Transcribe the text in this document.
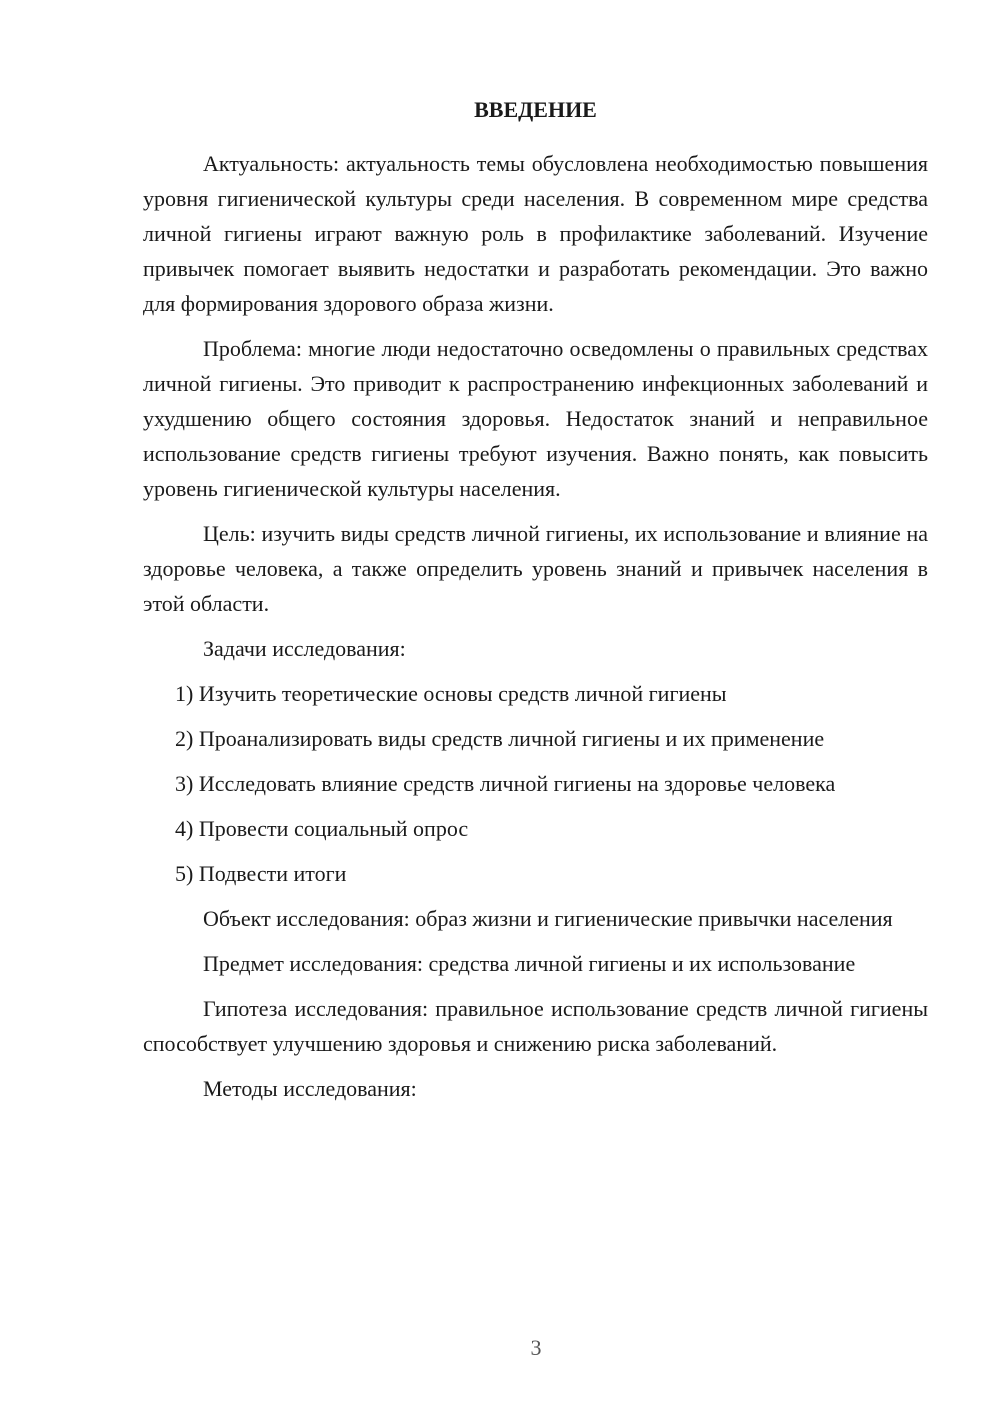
ВВЕДЕНИЕ

Актуальность: актуальность темы обусловлена необходимостью повышения уровня гигиенической культуры среди населения. В современном мире средства личной гигиены играют важную роль в профилактике заболеваний. Изучение привычек помогает выявить недостатки и разработать рекомендации. Это важно для формирования здорового образа жизни.

Проблема: многие люди недостаточно осведомлены о правильных средствах личной гигиены. Это приводит к распространению инфекционных заболеваний и ухудшению общего состояния здоровья. Недостаток знаний и неправильное использование средств гигиены требуют изучения. Важно понять, как повысить уровень гигиенической культуры населения.

Цель: изучить виды средств личной гигиены, их использование и влияние на здоровье человека, а также определить уровень знаний и привычек населения в этой области.

Задачи исследования:

1) Изучить теоретические основы средств личной гигиены
2) Проанализировать виды средств личной гигиены и их применение
3) Исследовать влияние средств личной гигиены на здоровье человека
4) Провести социальный опрос
5) Подвести итоги

Объект исследования: образ жизни и гигиенические привычки населения

Предмет исследования: средства личной гигиены и их использование

Гипотеза исследования: правильное использование средств личной гигиены способствует улучшению здоровья и снижению риска заболеваний.

Методы исследования:

3
